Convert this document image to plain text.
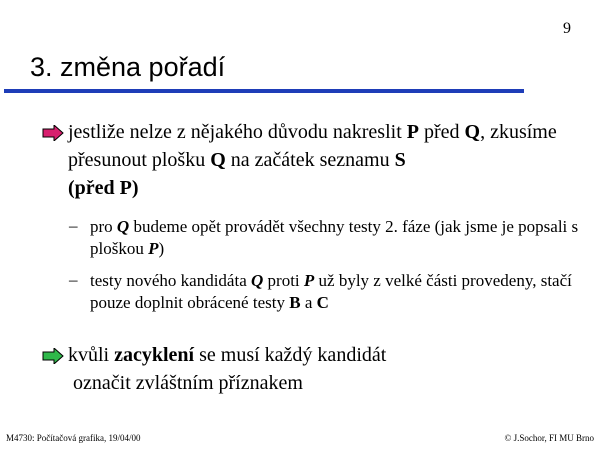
9
3. změna pořadí
jestliže nelze z nějakého důvodu nakreslit P před Q, zkusíme přesunout plošku Q na začátek seznamu S
(před P)
– pro Q budeme opět provádět všechny testy 2. fáze (jak jsme je popsali s ploškou P)
– testy nového kandidáta Q proti P už byly z velké části provedeny, stačí pouze doplnit obrácené testy B a C
kvůli zacyklení se musí každý kandidát
označit zvláštním příznakem
M4730: Počítačová grafika, 19/04/00	© J.Sochor, FI MU Brno
